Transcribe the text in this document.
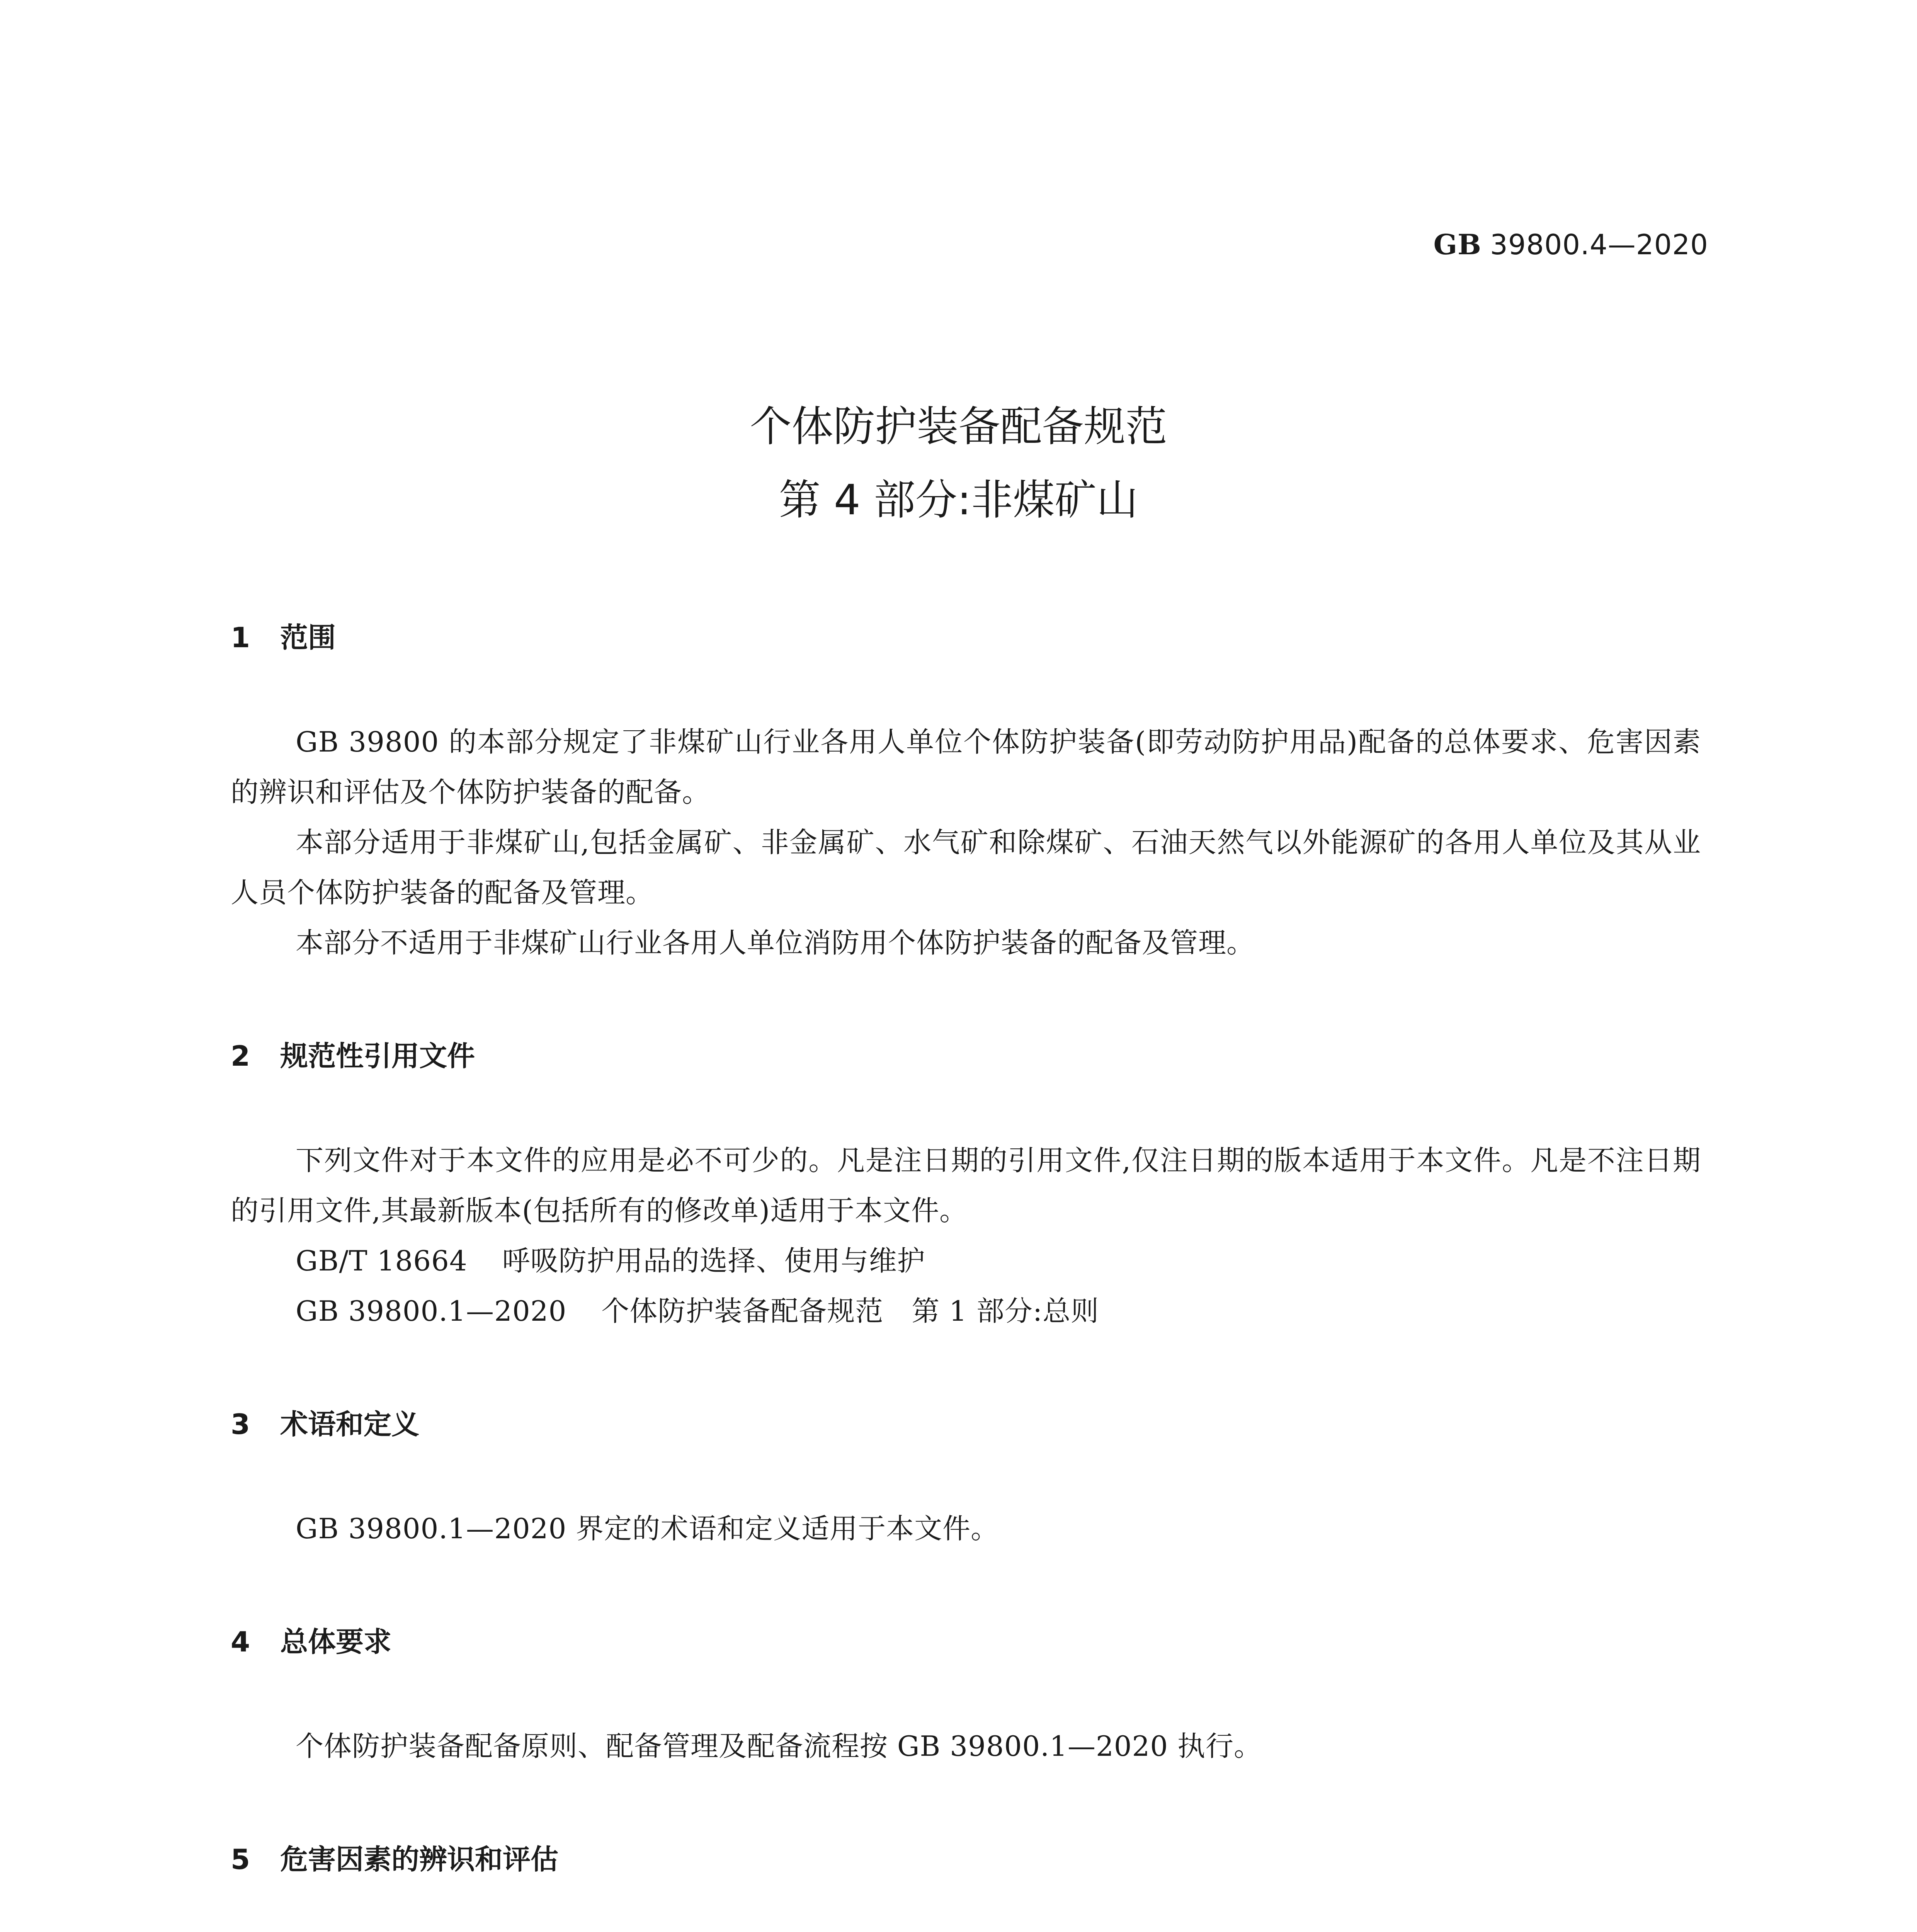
GB 39800.4—2020
个体防护装备配备规范
第 4 部分:非煤矿山
1 范围

GB 39800 的本部分规定了非煤矿山行业各用人单位个体防护装备(即劳动防护用品)配备的总体要求、危害因素的辨识和评估及个体防护装备的配备。

本部分适用于非煤矿山,包括金属矿、非金属矿、水气矿和除煤矿、石油天然气以外能源矿的各用人单位及其从业人员个体防护装备的配备及管理。

本部分不适用于非煤矿山行业各用人单位消防用个体防护装备的配备及管理。

2 规范性引用文件

下列文件对于本文件的应用是必不可少的。凡是注日期的引用文件,仅注日期的版本适用于本文件。凡是不注日期的引用文件,其最新版本(包括所有的修改单)适用于本文件。

GB/T 18664 呼吸防护用品的选择、使用与维护

GB 39800.1—2020 个体防护装备配备规范　第 1 部分:总则

3 术语和定义

GB 39800.1—2020 界定的术语和定义适用于本文件。

4 总体要求

个体防护装备配备原则、配备管理及配备流程按 GB 39800.1—2020 执行。

5 危害因素的辨识和评估
